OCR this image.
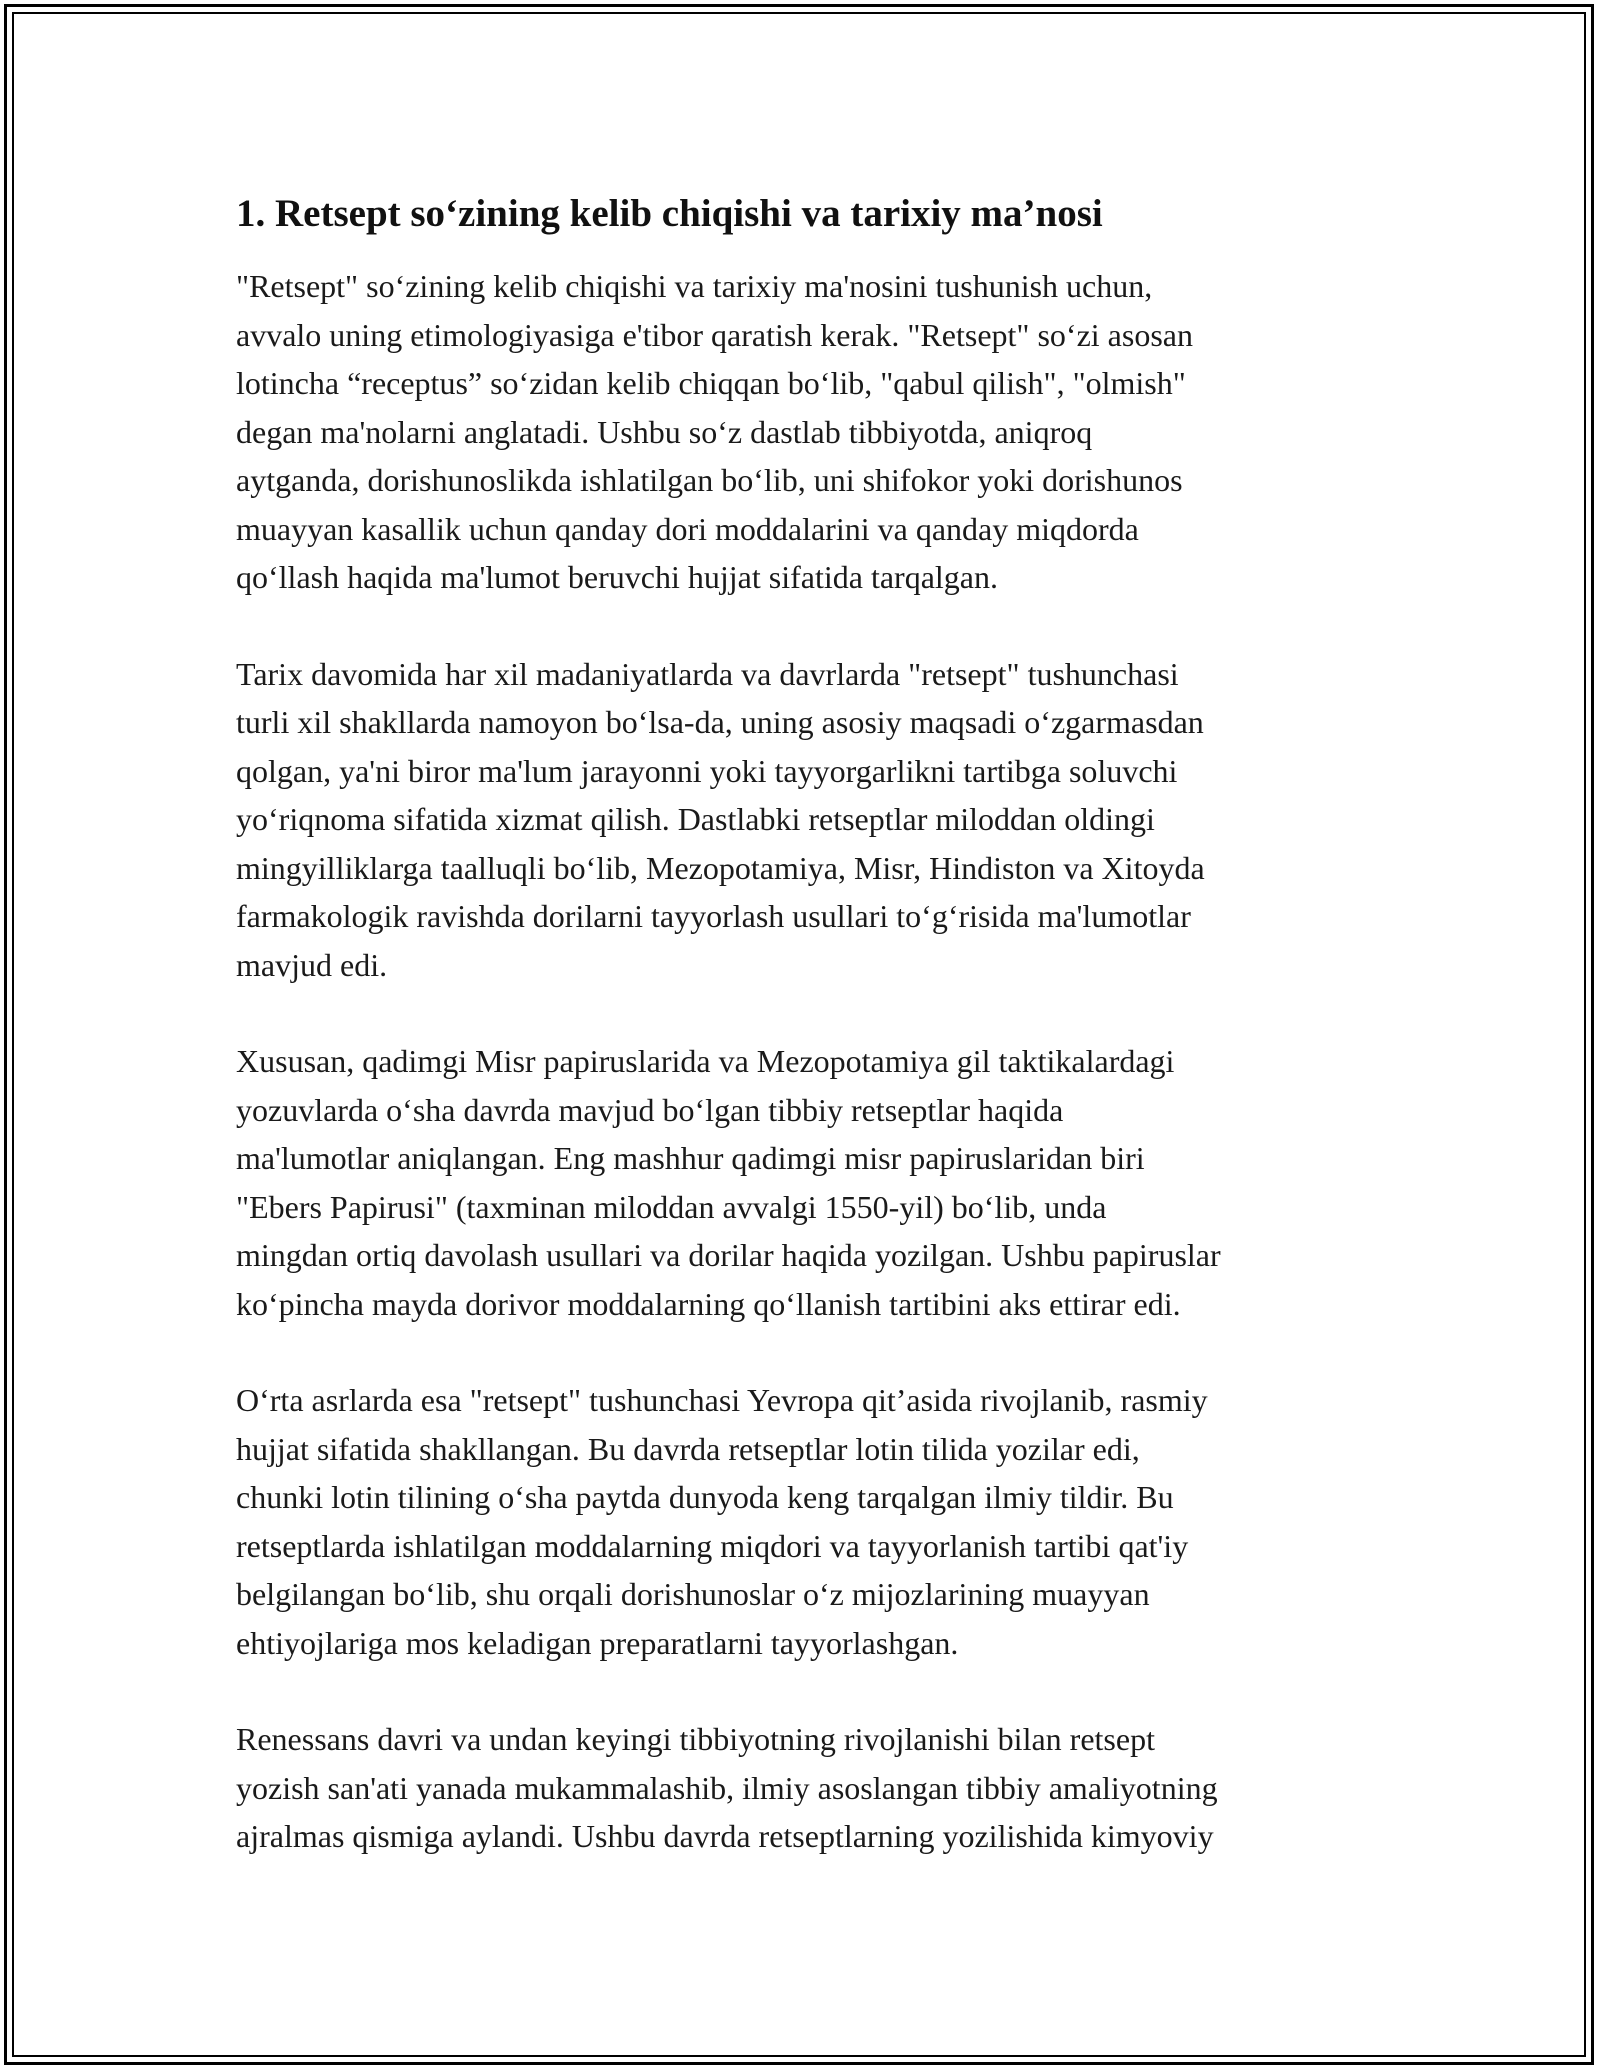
1. Retsept so‘zining kelib chiqishi va tarixiy ma’nosi
"Retsept" so‘zining kelib chiqishi va tarixiy ma'nosini tushunish uchun,
avvalo uning etimologiyasiga e'tibor qaratish kerak. "Retsept" so‘zi asosan
lotincha “receptus” so‘zidan kelib chiqqan bo‘lib, "qabul qilish", "olmish"
degan ma'nolarni anglatadi. Ushbu so‘z dastlab tibbiyotda, aniqroq
aytganda, dorishunoslikda ishlatilgan bo‘lib, uni shifokor yoki dorishunos
muayyan kasallik uchun qanday dori moddalarini va qanday miqdorda
qo‘llash haqida ma'lumot beruvchi hujjat sifatida tarqalgan.
Tarix davomida har xil madaniyatlarda va davrlarda "retsept" tushunchasi
turli xil shakllarda namoyon bo‘lsa-da, uning asosiy maqsadi o‘zgarmasdan
qolgan, ya'ni biror ma'lum jarayonni yoki tayyorgarlikni tartibga soluvchi
yo‘riqnoma sifatida xizmat qilish. Dastlabki retseptlar miloddan oldingi
mingyilliklarga taalluqli bo‘lib, Mezopotamiya, Misr, Hindiston va Xitoyda
farmakologik ravishda dorilarni tayyorlash usullari to‘g‘risida ma'lumotlar
mavjud edi.
Xususan, qadimgi Misr papiruslarida va Mezopotamiya gil taktikalardagi
yozuvlarda o‘sha davrda mavjud bo‘lgan tibbiy retseptlar haqida
ma'lumotlar aniqlangan. Eng mashhur qadimgi misr papiruslaridan biri
"Ebers Papirusi" (taxminan miloddan avvalgi 1550-yil) bo‘lib, unda
mingdan ortiq davolash usullari va dorilar haqida yozilgan. Ushbu papiruslar
ko‘pincha mayda dorivor moddalarning qo‘llanish tartibini aks ettirar edi.
O‘rta asrlarda esa "retsept" tushunchasi Yevropa qit’asida rivojlanib, rasmiy
hujjat sifatida shakllangan. Bu davrda retseptlar lotin tilida yozilar edi,
chunki lotin tilining o‘sha paytda dunyoda keng tarqalgan ilmiy tildir. Bu
retseptlarda ishlatilgan moddalarning miqdori va tayyorlanish tartibi qat'iy
belgilangan bo‘lib, shu orqali dorishunoslar o‘z mijozlarining muayyan
ehtiyojlariga mos keladigan preparatlarni tayyorlashgan.
Renessans davri va undan keyingi tibbiyotning rivojlanishi bilan retsept
yozish san'ati yanada mukammalashib, ilmiy asoslangan tibbiy amaliyotning
ajralmas qismiga aylandi. Ushbu davrda retseptlarning yozilishida kimyoviy
